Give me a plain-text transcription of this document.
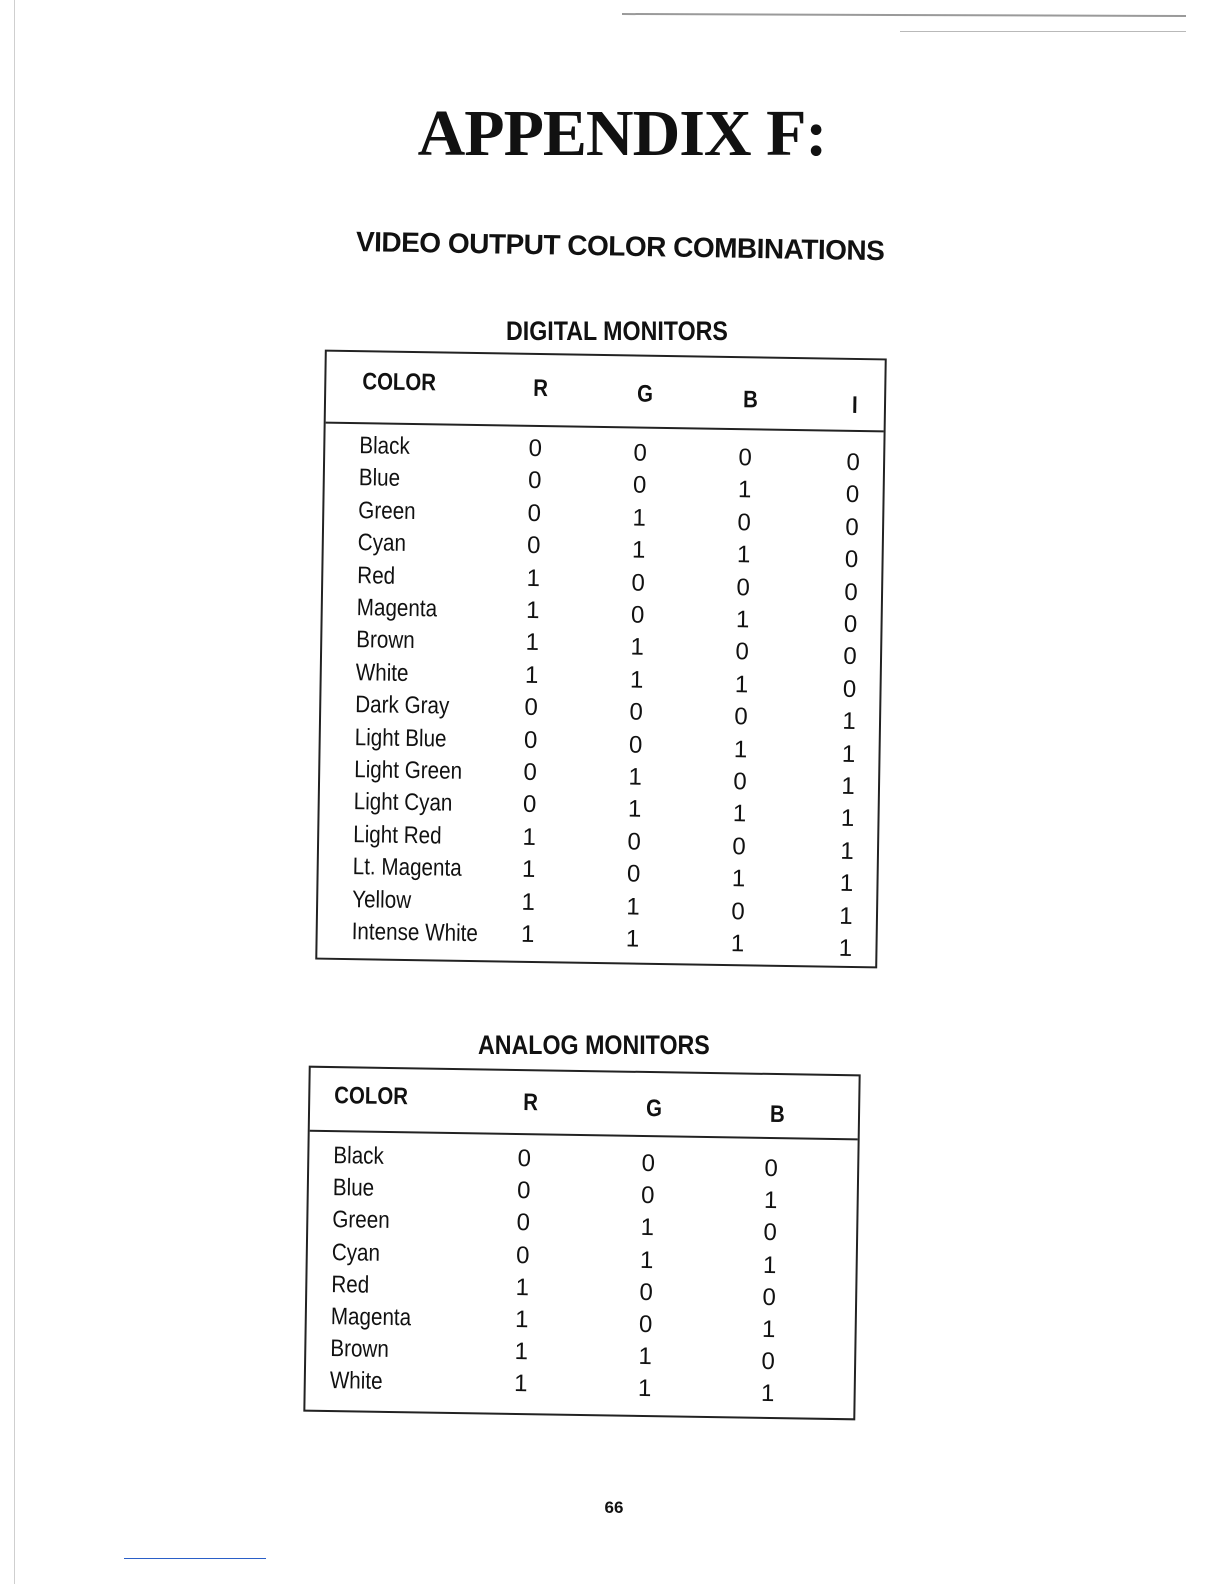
APPENDIX F:
VIDEO OUTPUT COLOR COMBINATIONS
DIGITAL MONITORS
COLOR	R	G	B	I
Black	0	0	0	0
Blue	0	0	1	0
Green	0	1	0	0
Cyan	0	1	1	0
Red	1	0	0	0
Magenta	1	0	1	0
Brown	1	1	0	0
White	1	1	1	0
Dark Gray	0	0	0	1
Light Blue	0	0	1	1
Light Green	0	1	0	1
Light Cyan	0	1	1	1
Light Red	1	0	0	1
Lt. Magenta 1	0	1	1
Yellow	1	1	0	1
Intense White 1	1	1	1
ANALOG MONITORS
COLOR	R	G	B
Black	0	0	0
Blue	0	0	1
Green	0	1	0
Cyan	0	1	1
Red	1	0	0
Magenta	1	0	1
Brown	1	1	0
White	1	1	1
66
